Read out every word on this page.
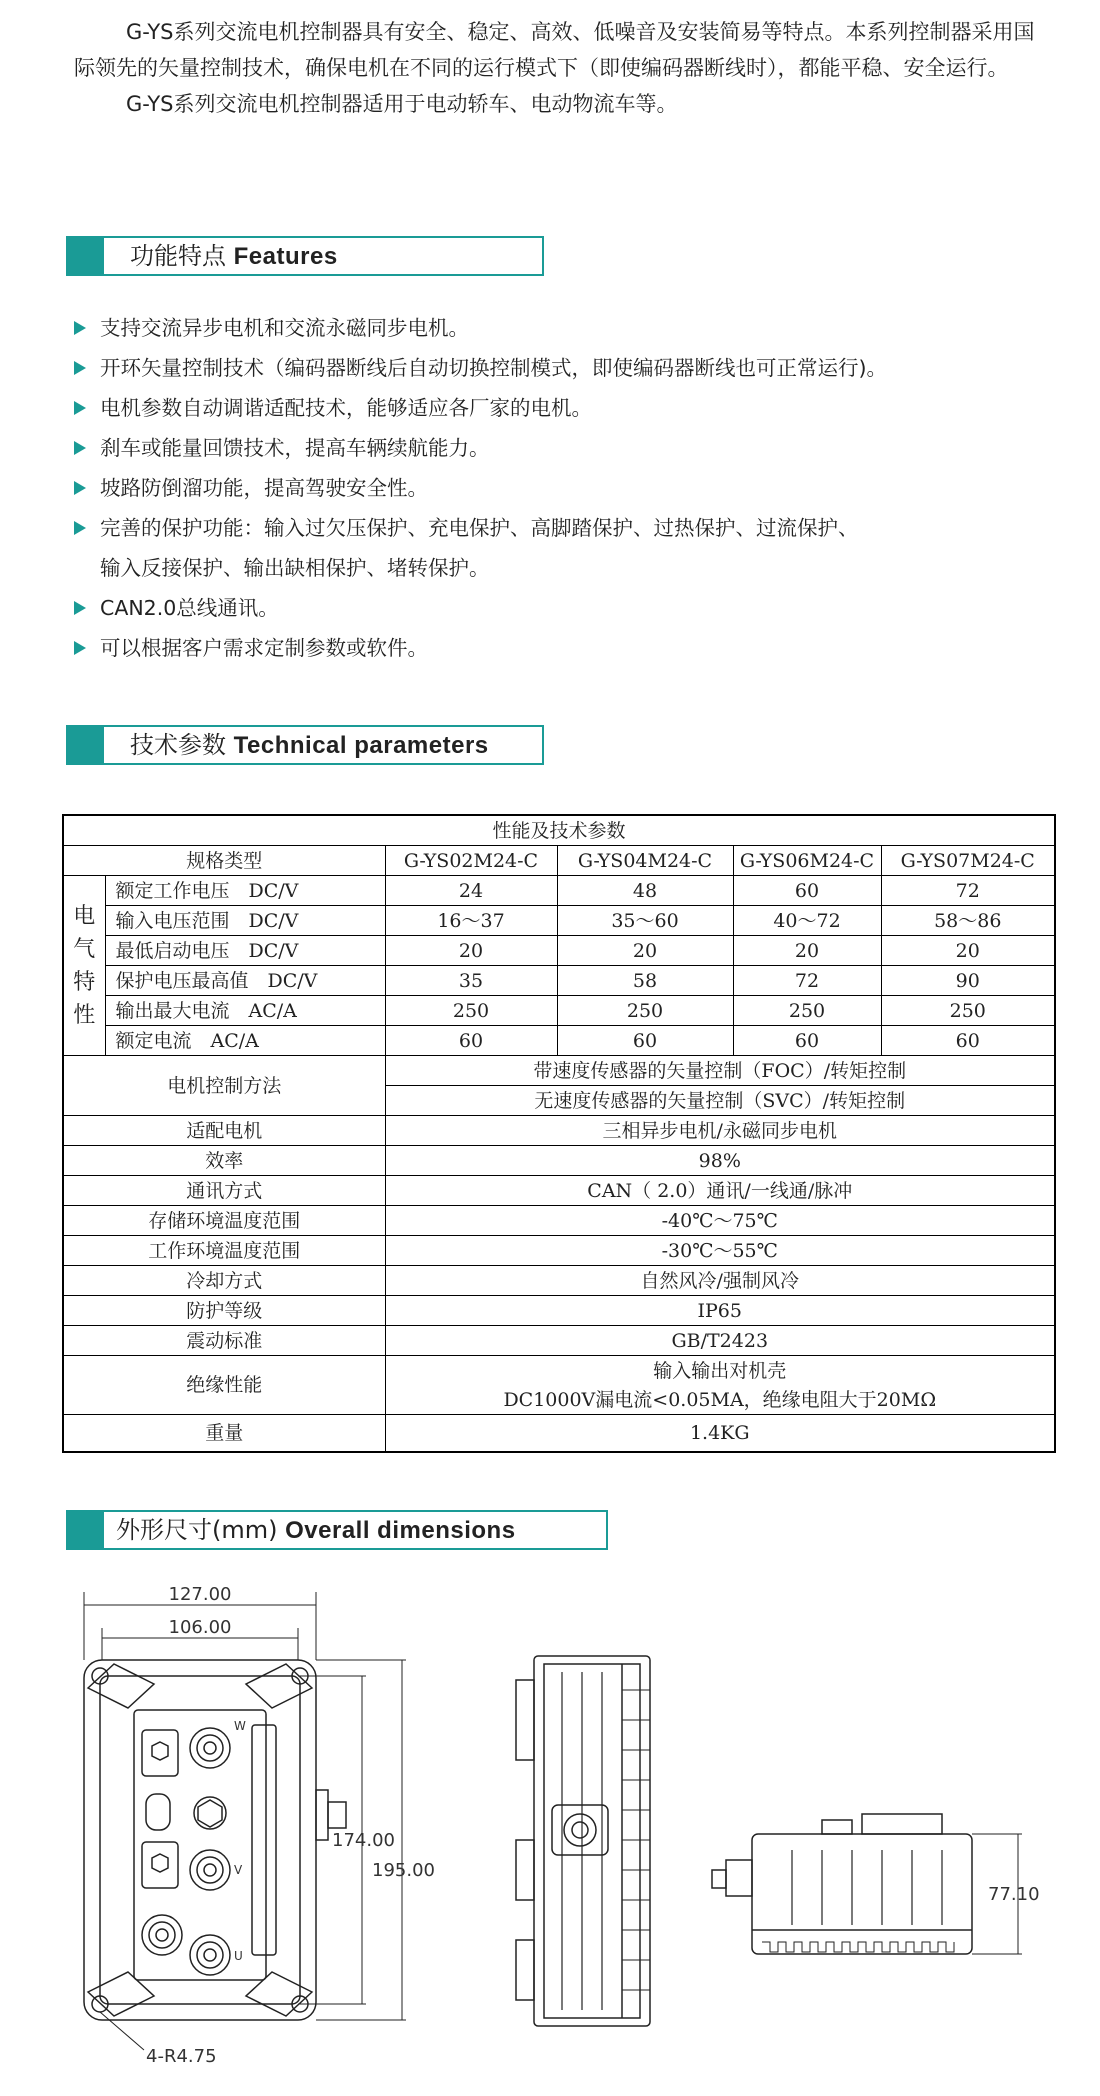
G-YS系列交流电机控制器具有安全、稳定、高效、低噪音及安装简易等特点。本系列控制器采用国际领先的矢量控制技术，确保电机在不同的运行模式下（即使编码器断线时），都能平稳、安全运行。

G-YS系列交流电机控制器适用于电动轿车、电动物流车等。

功能特点 Features
支持交流异步电机和交流永磁同步电机。
开环矢量控制技术（编码器断线后自动切换控制模式，即使编码器断线也可正常运行)。
电机参数自动调谐适配技术，能够适应各厂家的电机。
刹车或能量回馈技术，提高车辆续航能力。
坡路防倒溜功能，提高驾驶安全性。
完善的保护功能：输入过欠压保护、充电保护、高脚踏保护、过热保护、过流保护、
输入反接保护、输出缺相保护、堵转保护。
CAN2.0总线通讯。
可以根据客户需求定制参数或软件。
技术参数 Technical parameters
性能及技术参数					
规格类型		G-YS02M24-C	G-YS04M24-C	G-YS06M24-C	G-YS07M24-C
电气特性	额定工作电压　DC/V	24	48	60	72
	输入电压范围　DC/V	16～37	35～60	40～72	58～86
	最低启动电压　DC/V	20	20	20	20
	保护电压最高值　DC/V	35	58	72	90
	输出最大电流　AC/A	250	250	250	250
	额定电流　AC/A	60	60	60	60
电机控制方法		带速度传感器的矢量控制（FOC）/转矩控制			
		无速度传感器的矢量控制（SVC）/转矩控制			
适配电机		三相异步电机/永磁同步电机			
效率		98%			
通讯方式		CAN（ 2.0）通讯/一线通/脉冲			
存储环境温度范围		-40℃～75℃			
工作环境温度范围		-30℃～55℃			
冷却方式		自然风冷/强制风冷			
防护等级		IP65			
震动标准		GB/T2423			
绝缘性能		输入输出对机壳			
		DC1000V漏电流<0.05MA，绝缘电阻大于20MΩ			
重量		1.4KG			
外形尺寸(mm) Overall dimensions
127.00
106.00
174.00
195.00
4-R4.75
W
V
U
77.10
